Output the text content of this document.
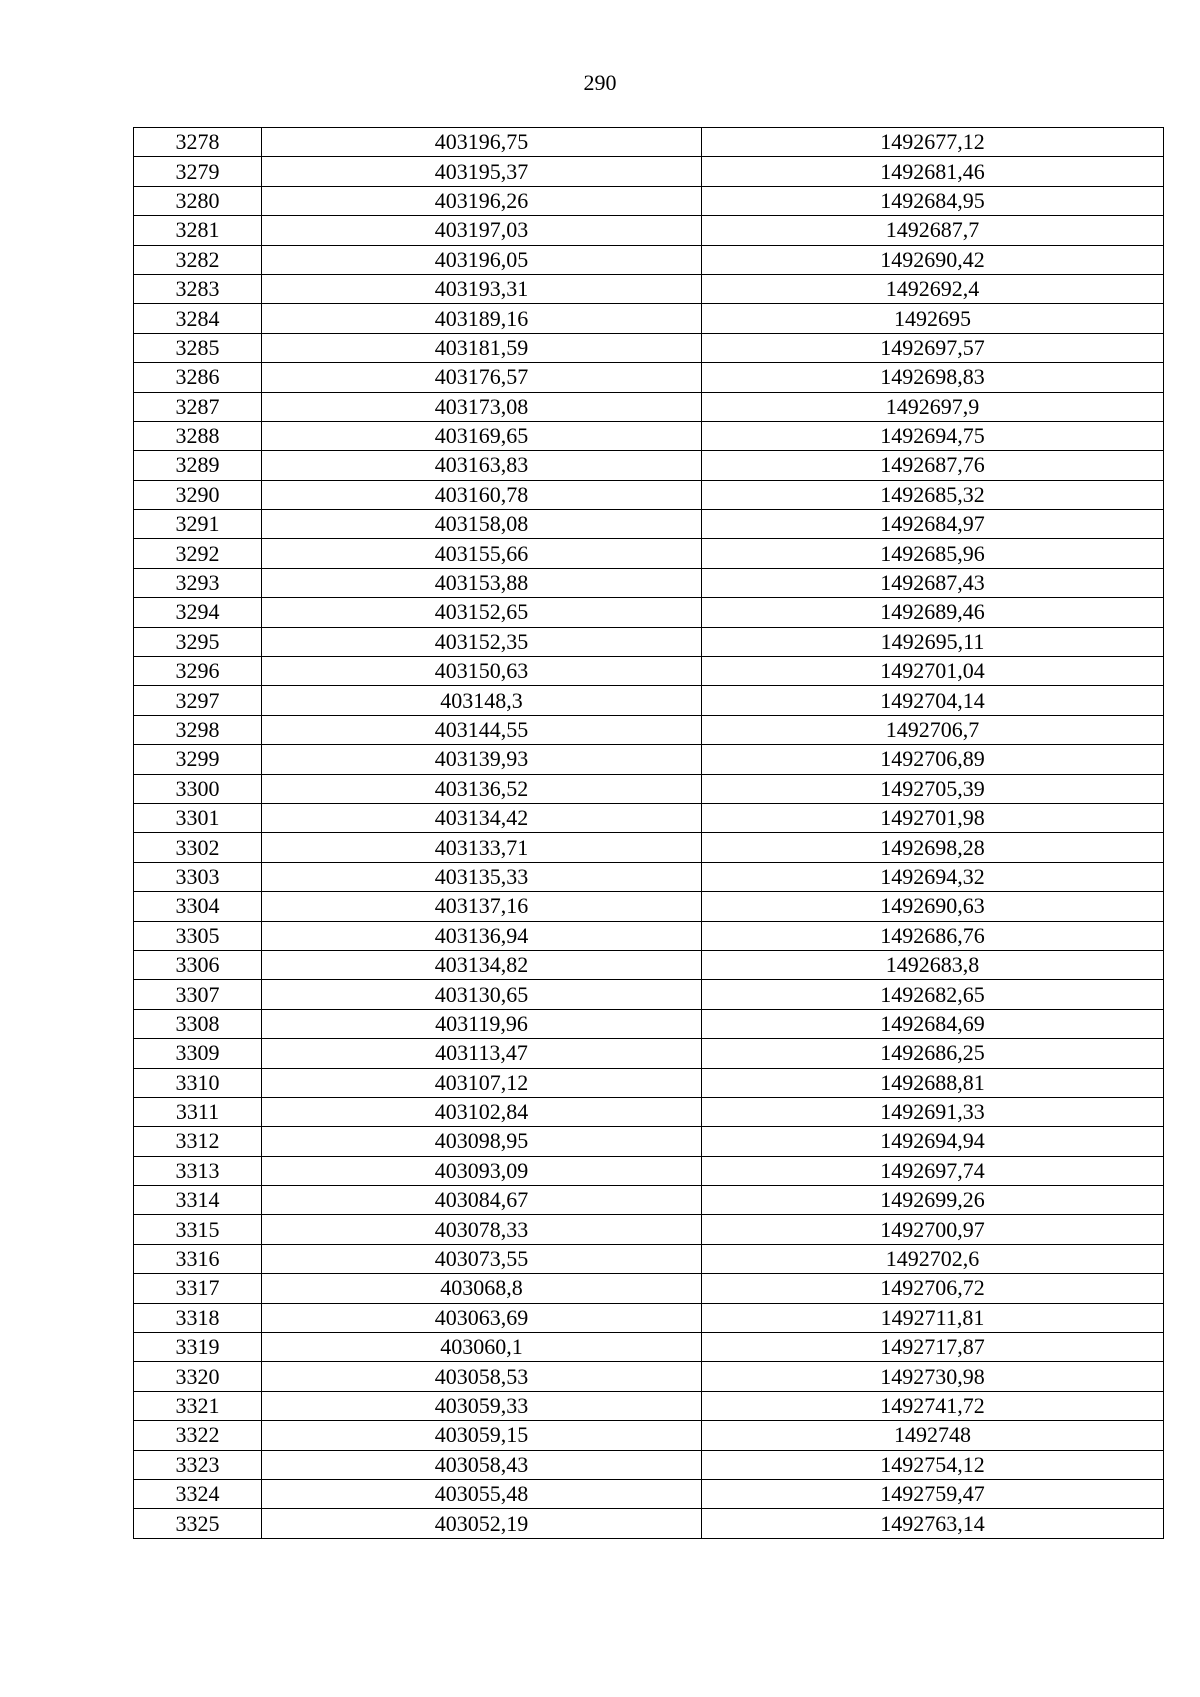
290
3278	403196,75	1492677,12
3279	403195,37	1492681,46
3280	403196,26	1492684,95
3281	403197,03	1492687,7
3282	403196,05	1492690,42
3283	403193,31	1492692,4
3284	403189,16	1492695
3285	403181,59	1492697,57
3286	403176,57	1492698,83
3287	403173,08	1492697,9
3288	403169,65	1492694,75
3289	403163,83	1492687,76
3290	403160,78	1492685,32
3291	403158,08	1492684,97
3292	403155,66	1492685,96
3293	403153,88	1492687,43
3294	403152,65	1492689,46
3295	403152,35	1492695,11
3296	403150,63	1492701,04
3297	403148,3	1492704,14
3298	403144,55	1492706,7
3299	403139,93	1492706,89
3300	403136,52	1492705,39
3301	403134,42	1492701,98
3302	403133,71	1492698,28
3303	403135,33	1492694,32
3304	403137,16	1492690,63
3305	403136,94	1492686,76
3306	403134,82	1492683,8
3307	403130,65	1492682,65
3308	403119,96	1492684,69
3309	403113,47	1492686,25
3310	403107,12	1492688,81
3311	403102,84	1492691,33
3312	403098,95	1492694,94
3313	403093,09	1492697,74
3314	403084,67	1492699,26
3315	403078,33	1492700,97
3316	403073,55	1492702,6
3317	403068,8	1492706,72
3318	403063,69	1492711,81
3319	403060,1	1492717,87
3320	403058,53	1492730,98
3321	403059,33	1492741,72
3322	403059,15	1492748
3323	403058,43	1492754,12
3324	403055,48	1492759,47
3325	403052,19	1492763,14
